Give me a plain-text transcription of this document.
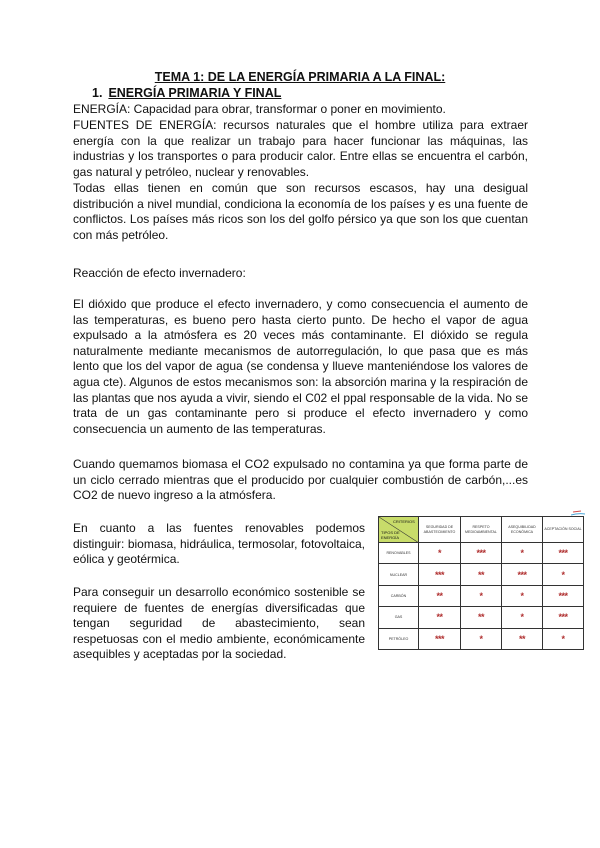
TEMA 1: DE LA ENERGÍA PRIMARIA A LA FINAL:
1. ENERGÍA PRIMARIA Y FINAL

ENERGÍA: Capacidad para obrar, transformar o poner en movimiento.

FUENTES DE ENERGÍA: recursos naturales que el hombre utiliza para extraer energía con la que realizar un trabajo para hacer funcionar las máquinas, las industrias y los transportes o para producir calor. Entre ellas se encuentra el carbón, gas natural y petróleo, nuclear y renovables.

Todas ellas tienen en común que son recursos escasos, hay una desigual distribución a nivel mundial, condiciona la economía de los países y es una fuente de conflictos. Los países más ricos son los del golfo pérsico ya que son los que cuentan con más petróleo.

Reacción de efecto invernadero:

El dióxido que produce el efecto invernadero, y como consecuencia el aumento de las temperaturas, es bueno pero hasta cierto punto. De hecho el vapor de agua expulsado a la atmósfera es 20 veces más contaminante. El dióxido se regula naturalmente mediante mecanismos de autorregulación, lo que pasa que es más lento que los del vapor de agua (se condensa y llueve manteniéndose los valores de agua cte). Algunos de estos mecanismos son: la absorción marina y la respiración de las plantas que nos ayuda a vivir, siendo el C02 el ppal responsable de la vida. No se trata de un gas contaminante pero si produce el efecto invernadero y como consecuencia un aumento de las temperaturas.

Cuando quemamos biomasa el CO2 expulsado no contamina ya que forma parte de un ciclo cerrado mientras que el producido por cualquier combustión de carbón,...es CO2 de nuevo ingreso a la atmósfera.

En cuanto a las fuentes renovables podemos distinguir: biomasa, hidráulica, termosolar, fotovoltaica, eólica y geotérmica.

Para conseguir un desarrollo económico sostenible se requiere de fuentes de energías diversificadas que tengan seguridad de abastecimiento, sean respetuosas con el medio ambiente, económicamente asequibles y aceptadas por la sociedad.

CRITERIOS
TIPOS DE ENERGÍA	SEGURIDAD DE ABASTECIMIENTO	RESPETO MEDIOAMBIENTAL	ASEQUIBILIDAD ECONÓMICA	ACEPTACIÓN SOCIAL
RENOVABLES	*	***	*	***
NUCLEAR	***	**	***	*
CARBÓN	**	*	*	***
GAS	**	**	*	***
PETRÓLEO	***	*	**	*
